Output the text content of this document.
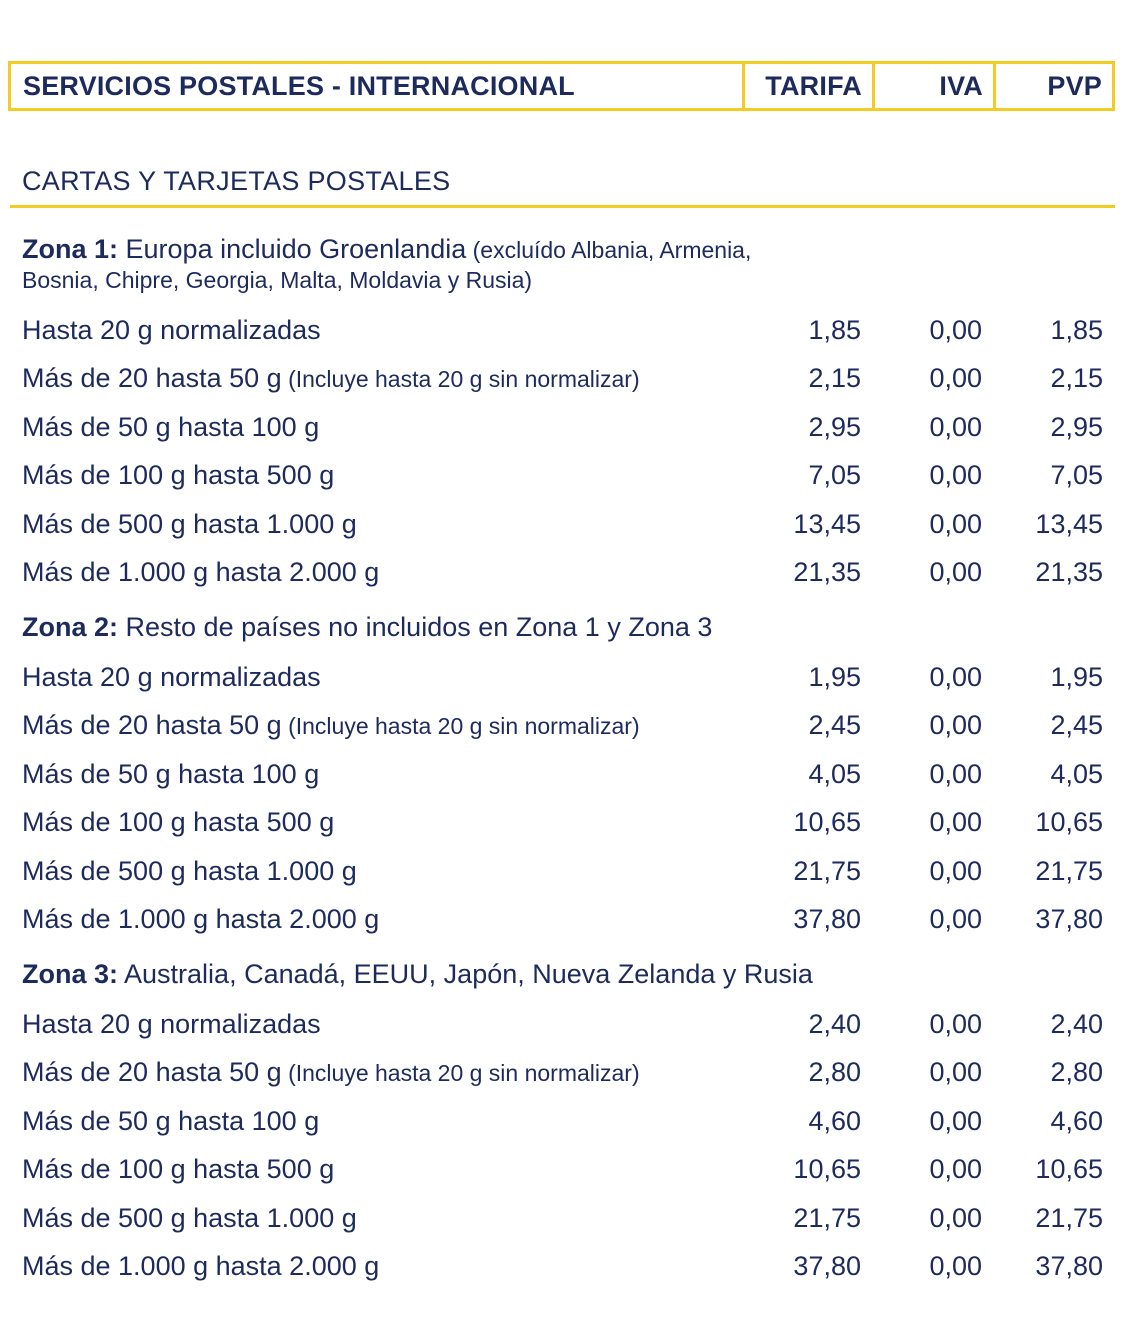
SERVICIOS POSTALES - INTERNACIONAL	TARIFA	IVA	PVP
CARTAS Y TARJETAS POSTALES
Zona 1: Europa incluido Groenlandia (excluído Albania, Armenia,
Bosnia, Chipre, Georgia, Malta, Moldavia y Rusia)
Hasta 20 g normalizadas	1,85	0,00	1,85
Más de 20 hasta 50 g (Incluye hasta 20 g sin normalizar)	2,15	0,00	2,15
Más de 50 g hasta 100 g	2,95	0,00	2,95
Más de 100 g hasta 500 g	7,05	0,00	7,05
Más de 500 g hasta 1.000 g	13,45	0,00	13,45
Más de 1.000 g hasta 2.000 g	21,35	0,00	21,35
Zona 2: Resto de países no incluidos en Zona 1 y Zona 3
Hasta 20 g normalizadas	1,95	0,00	1,95
Más de 20 hasta 50 g (Incluye hasta 20 g sin normalizar)	2,45	0,00	2,45
Más de 50 g hasta 100 g	4,05	0,00	4,05
Más de 100 g hasta 500 g	10,65	0,00	10,65
Más de 500 g hasta 1.000 g	21,75	0,00	21,75
Más de 1.000 g hasta 2.000 g	37,80	0,00	37,80
Zona 3: Australia, Canadá, EEUU, Japón, Nueva Zelanda y Rusia
Hasta 20 g normalizadas	2,40	0,00	2,40
Más de 20 hasta 50 g (Incluye hasta 20 g sin normalizar)	2,80	0,00	2,80
Más de 50 g hasta 100 g	4,60	0,00	4,60
Más de 100 g hasta 500 g	10,65	0,00	10,65
Más de 500 g hasta 1.000 g	21,75	0,00	21,75
Más de 1.000 g hasta 2.000 g	37,80	0,00	37,80
